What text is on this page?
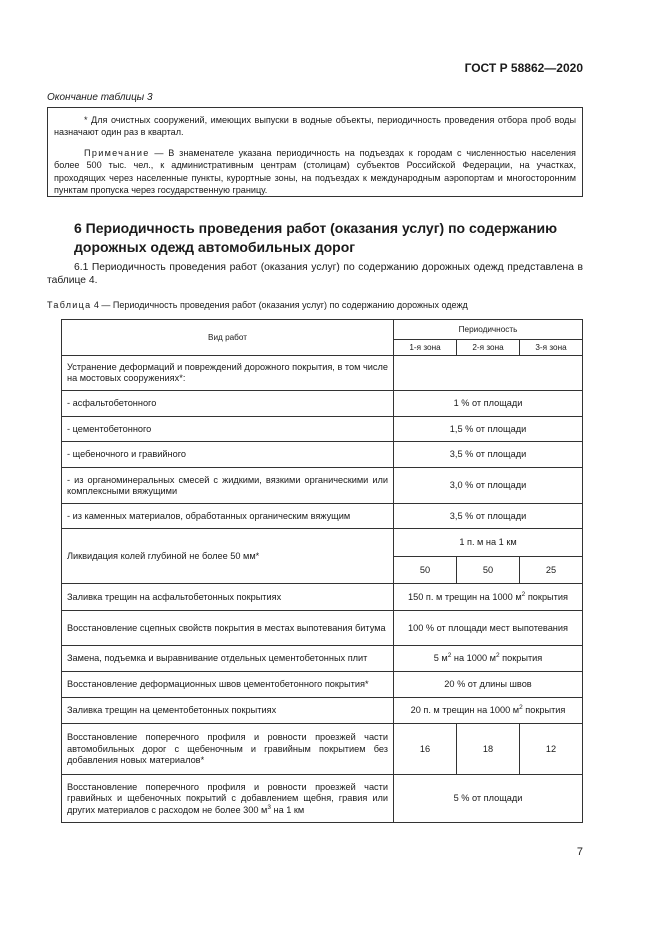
ГОСТ Р 58862—2020
Окончание таблицы 3
* Для очистных сооружений, имеющих выпуски в водные объекты, периодичность проведения отбора проб воды назначают один раз в квартал.
Примечание — В знаменателе указана периодичность на подъездах к городам с численностью населения более 500 тыс. чел., к административным центрам (столицам) субъектов Российской Федерации, на участках, проходящих через населенные пункты, курортные зоны, на подъездах к международным аэропортам и многосторонним пунктам пропуска через государственную границу.
6 Периодичность проведения работ (оказания услуг) по содержанию дорожных одежд автомобильных дорог
6.1 Периодичность проведения работ (оказания услуг) по содержанию дорожных одежд представлена в таблице 4.
Таблица 4 — Периодичность проведения работ (оказания услуг) по содержанию дорожных одежд
Вид работ	Периодичность		
	1-я зона	2-я зона	3-я зона
Устранение деформаций и повреждений дорожного покрытия, в том числе на мостовых сооружениях*:			
- асфальтобетонного	1 % от площади		
- цементобетонного	1,5 % от площади		
- щебеночного и гравийного	3,5 % от площади		
- из органоминеральных смесей с жидкими, вязкими органическими или комплексными вяжущими	3,0 % от площади		
- из каменных материалов, обработанных органическим вяжущим	3,5 % от площади		
Ликвидация колей глубиной не более 50 мм*	1 п. м на 1 км		
	50	50	25
Заливка трещин на асфальтобетонных покрытиях	150 п. м трещин на 1000 $м^2$ покрытия		
Восстановление сцепных свойств покрытия в местах выпотевания битума	100 % от площади мест выпотевания		
Замена, подъемка и выравнивание отдельных цементобетонных плит	5 $м^2$ на 1000 $м^2$ покрытия		
Восстановление деформационных швов цементобетонного покрытия*	20 % от длины швов		
Заливка трещин на цементобетонных покрытиях	20 п. м трещин на 1000 $м^2$ покрытия		
Восстановление поперечного профиля и ровности проезжей части автомобильных дорог с щебеночным и гравийным покрытием без добавления новых материалов*	16	18	12
Восстановление поперечного профиля и ровности проезжей части гравийных и щебеночных покрытий с добавлением щебня, гравия или других материалов с расходом не более 300 $м^3$ на 1 км	5 % от площади		
7
